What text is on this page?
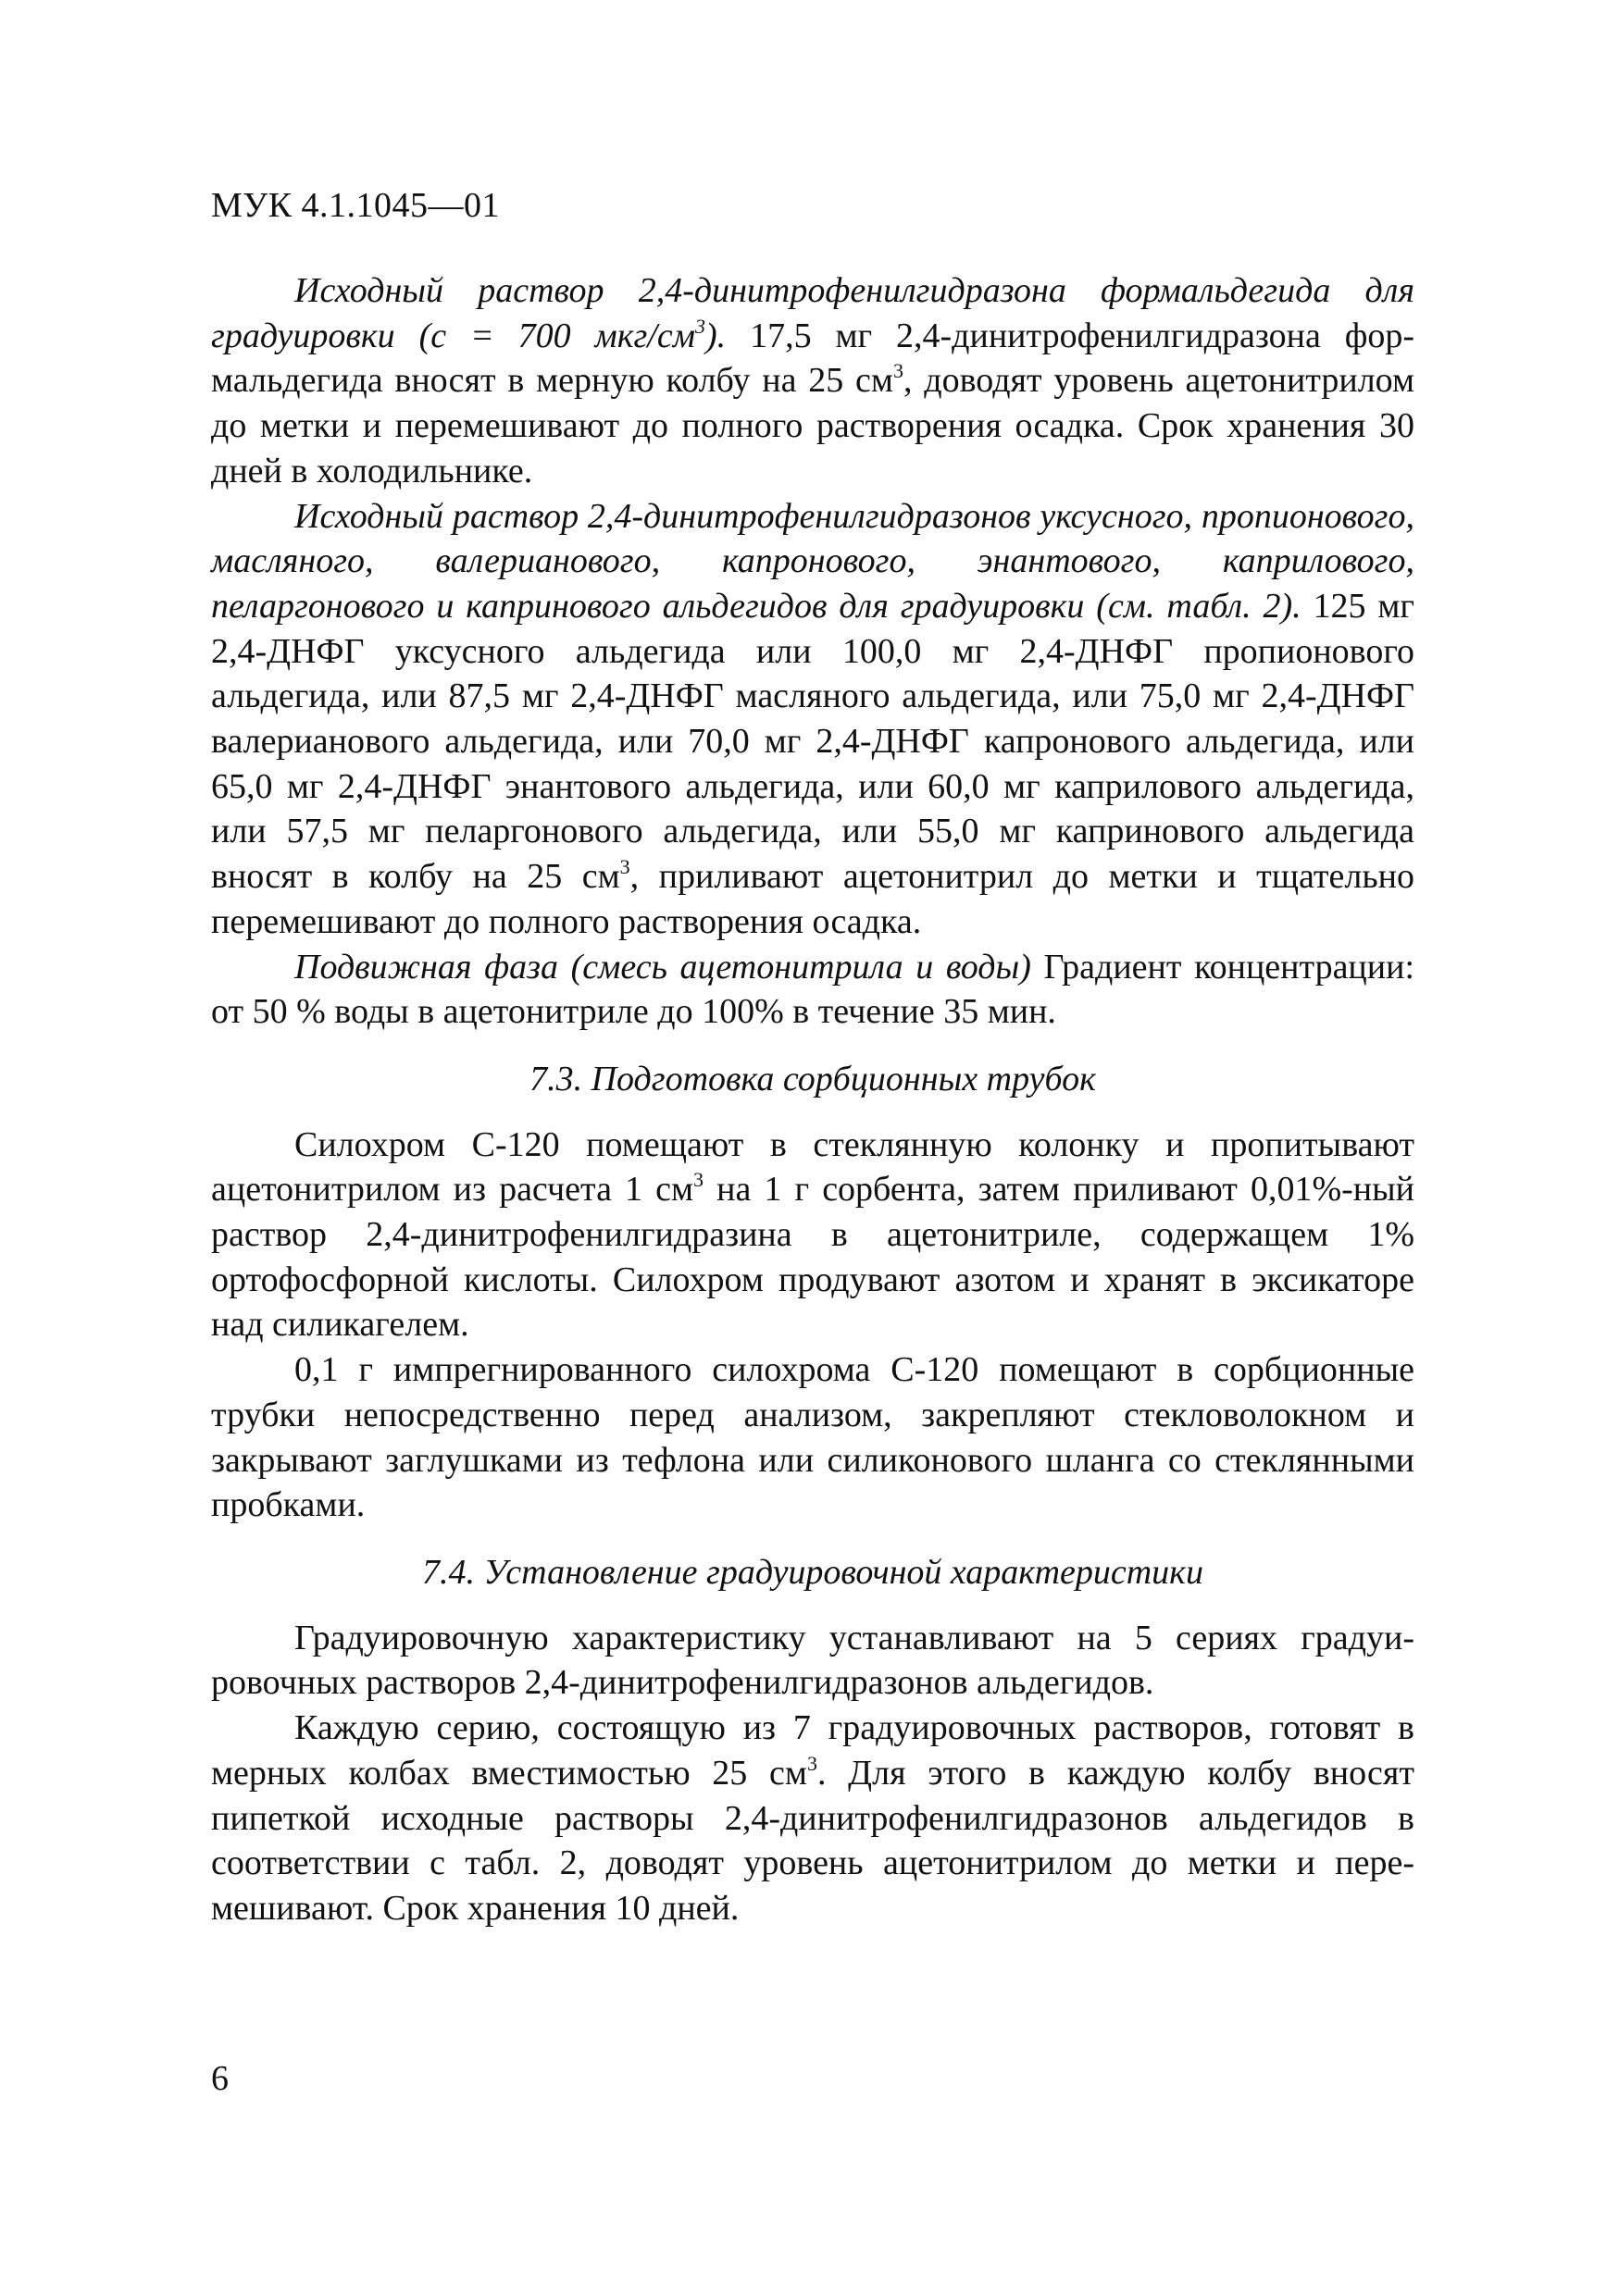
МУК 4.1.1045—01

Исходный раствор 2,4-динитрофенилгидразона формальдегида для градуировки (с = 700 мкг/$см^3$). 17,5 мг 2,4-динитрофенилгидразона формальдегида вносят в мерную колбу на 25 $см^3$, доводят уровень ацетонитрилом до метки и перемешивают до полного растворения осадка. Срок хранения 30 дней в холодильнике.

Исходный раствор 2,4-динитрофенилгидразонов уксусного, пропионового, масляного, валерианового, капронового, энантового, каприлового, пеларгонового и капринового альдегидов для градуировки (см. табл. 2). 125 мг 2,4-ДНФГ уксусного альдегида или 100,0 мг 2,4-ДНФГ пропионового альдегида, или 87,5 мг 2,4-ДНФГ масляного альдегида, или 75,0 мг 2,4-ДНФГ валерианового альдегида, или 70,0 мг 2,4-ДНФГ капронового альдегида, или 65,0 мг 2,4-ДНФГ энантового альдегида, или 60,0 мг каприлового альдегида, или 57,5 мг пеларгонового альдегида, или 55,0 мг капринового альдегида вносят в колбу на 25 $см^3$, приливают ацетонитрил до метки и тщательно перемешивают до полного растворения осадка.

Подвижная фаза (смесь ацетонитрила и воды) Градиент концентрации: от 50 % воды в ацетонитриле до 100% в течение 35 мин.

7.3. Подготовка сорбционных трубок

Силохром С-120 помещают в стеклянную колонку и пропитывают ацетонитрилом из расчета 1 $см^3$ на 1 г сорбента, затем приливают 0,01%-ный раствор 2,4-динитрофенилгидразина в ацетонитриле, содержащем 1% ортофосфорной кислоты. Силохром продувают азотом и хранят в эксикаторе над силикагелем.

0,1 г импрегнированного силохрома С-120 помещают в сорбционные трубки непосредственно перед анализом, закрепляют стекловолокном и закрывают заглушками из тефлона или силиконового шланга со стеклянными пробками.

7.4. Установление градуировочной характеристики

Градуировочную характеристику устанавливают на 5 сериях градуировочных растворов 2,4-динитрофенилгидразонов альдегидов.

Каждую серию, состоящую из 7 градуировочных растворов, готовят в мерных колбах вместимостью 25 $см^3$. Для этого в каждую колбу вносят пипеткой исходные растворы 2,4-динитрофенилгидразонов альдегидов в соответствии с табл. 2, доводят уровень ацетонитрилом до метки и перемешивают. Срок хранения 10 дней.

6
